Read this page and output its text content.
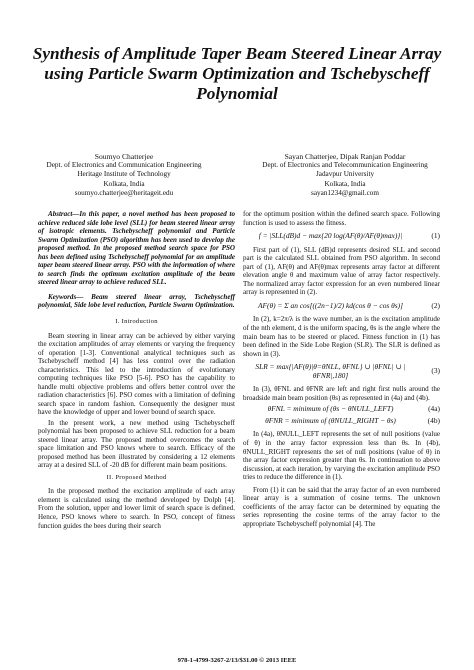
Synthesis of Amplitude Taper Beam Steered Linear Array using Particle Swarm Optimization and Tschebyscheff Polynomial
Soumyo Chatterjee
Dept. of Electronics and Communication Engineering
Heritage Institute of Technology
Kolkata, India
soumyo.chatterjee@heritageit.edu
Sayan Chatterjee, Dipak Ranjan Poddar
Dept. of Electronics and Telecommunication Engineering
Jadavpur University
Kolkata, India
sayan1234@gmail.com
Abstract—In this paper, a novel method has been proposed to achieve reduced side lobe level (SLL) for beam steered linear array of isotropic elements. Tschebyscheff polynomial and Particle Swarm Optimization (PSO) algorithm has been used to develop the proposed method. In the proposed method search space for PSO has been defined using Tschebyscheff polynomial for an amplitude taper beam steered linear array. PSO with the information of where to search finds the optimum excitation amplitude of the beam steered linear array to achieve reduced SLL.
Keywords— Beam steered linear array, Tschebyscheff polynomial, Side lobe level reduction, Particle Swarm Optimization.
I. Introduction
Beam steering in linear array can be achieved by either varying the excitation amplitudes of array elements or varying the frequency of operation [1-3]. Conventional analytical techniques such as Tschebyscheff method [4] has less control over the radiation characteristics. This led to the introduction of evolutionary computing techniques like PSO [5-6]. PSO has the capability to handle multi objective problems and offers better control over the radiation characteristics [6]. PSO comes with a limitation of defining search space in random fashion. Consequently the designer must have the knowledge of upper and lower bound of search space.
In the present work, a new method using Tschebyscheff polynomial has been proposed to achieve SLL reduction for a beam steered linear array. The proposed method overcomes the search space limitation and PSO knows where to search. Efficacy of the proposed method has been illustrated by considering a 12 elements array at a desired SLL of -20 dB for different main beam positions.
II. Proposed Method
In the proposed method the excitation amplitude of each array element is calculated using the method developed by Dolph [4]. From the solution, upper and lower limit of search space is defined. Hence, PSO knows where to search. In PSO, concept of fitness function guides the bees during their search
for the optimum position within the defined search space. Following function is used to assess the fitness.
f = |SLL(dB)d − max{20 log(AF(θ)/AF(θ)max)}|	(1)
First part of (1), SLL (dB)d represents desired SLL and second part is the calculated SLL obtained from PSO algorithm. In second part of (1), AF(θ) and AF(θ)max represents array factor at different elevation angle θ and maximum value of array factor respectively. The normalized array factor expression for an even numbered linear array is represented in (2).
AF(θ) = Σ an cos[((2n−1)/2) kd(cos θ − cos θs)]	(2)
In (2), k=2π/λ is the wave number, an is the excitation amplitude of the nth element, d is the uniform spacing, θs is the angle where the main beam has to be steered or placed. Fitness function in (1) has been defined in the Side Lobe Region (SLR). The SLR is defined as shown in (3).
SLR = max{|AF(θ)|θ=θNLL, θFNL} ∪ |θFNL| ∪ |θFNR|,180]	(3)
In (3), θFNL and θFNR are left and right first nulls around the broadside main beam position (θs) as represented in (4a) and (4b).
θFNL = minimum of (θs − θNULL_LEFT)	(4a)
θFNR = minimum of (θNULL_RIGHT − θs)	(4b)
In (4a), θNULL_LEFT represents the set of null positions (value of θ) in the array factor expression less than θs. In (4b), θNULL_RIGHT represents the set of null positions (value of θ) in the array factor expression greater than θs. In continuation to above discussion, at each iteration, by varying the excitation amplitude PSO tries to reduce the difference in (1).
From (1) it can be said that the array factor of an even numbered linear array is a summation of cosine terms. The unknown coefficients of the array factor can be determined by equating the series representing the cosine terms of the array factor to the appropriate Tschebyscheff polynomial [4]. The
978-1-4799-3267-2/13/$31.00 © 2013 IEEE
